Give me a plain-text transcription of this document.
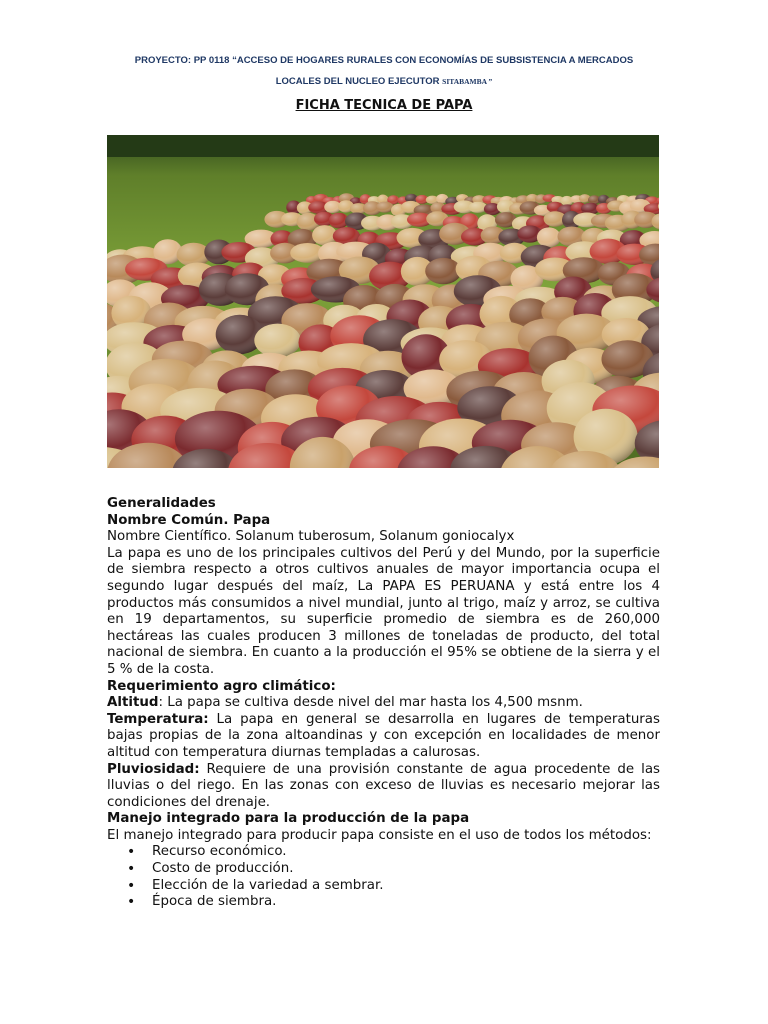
PROYECTO: PP 0118 “ACCESO DE HOGARES RURALES CON ECONOMÍAS DE SUBSISTENCIA A MERCADOS
LOCALES DEL NUCLEO EJECUTOR SITABAMBA ”
FICHA TECNICA DE PAPA

Generalidades

Nombre Común. Papa

Nombre Científico. Solanum tuberosum, Solanum goniocalyx

La papa es uno de los principales cultivos del Perú y del Mundo, por la superficie de siembra respecto a otros cultivos anuales de mayor importancia ocupa el segundo lugar después del maíz, La PAPA ES PERUANA y está entre los 4 productos más consumidos a nivel mundial, junto al trigo, maíz y arroz, se cultiva en 19 departamentos, su superficie promedio de siembra es de 260,000 hectáreas las cuales producen 3 millones de toneladas de producto, del total nacional de siembra. En cuanto a la producción el 95% se obtiene de la sierra y el 5 % de la costa.

Requerimiento agro climático:

Altitud: La papa se cultiva desde nivel del mar hasta los 4,500 msnm.

Temperatura: La papa en general se desarrolla en lugares de temperaturas bajas propias de la zona altoandinas y con excepción en localidades de menor altitud con temperatura diurnas templadas a calurosas.

Pluviosidad: Requiere de una provisión constante de agua procedente de las lluvias o del riego. En las zonas con exceso de lluvias es necesario mejorar las condiciones del drenaje.

Manejo integrado para la producción de la papa

El manejo integrado para producir papa consiste en el uso de todos los métodos:

• Recurso económico.
• Costo de producción.
• Elección de la variedad a sembrar.
• Época de siembra.
